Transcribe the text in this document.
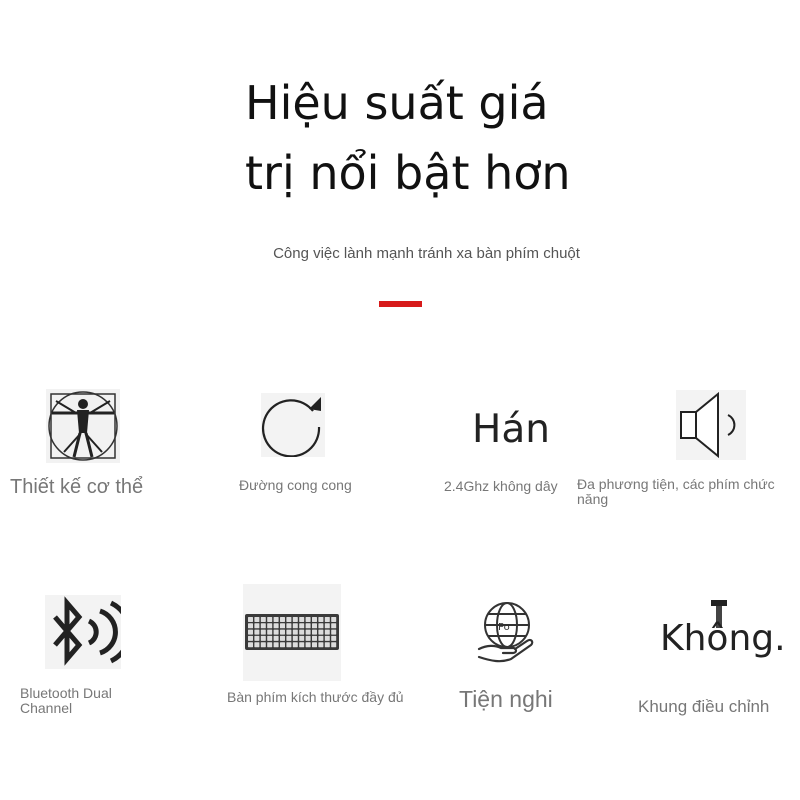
Hiệu suất giá
trị nổi bật hơn
Công việc lành mạnh tránh xa bàn phím chuột
Thiết kế cơ thể	Đường cong cong
Hán
2.4Ghz không dây Đa phương tiện, các phím chức năng
Bluetooth Dual Channel
Bàn phím kích thước đầy đủ
Po
Tiện nghi
Không.
Khung điều chỉnh
